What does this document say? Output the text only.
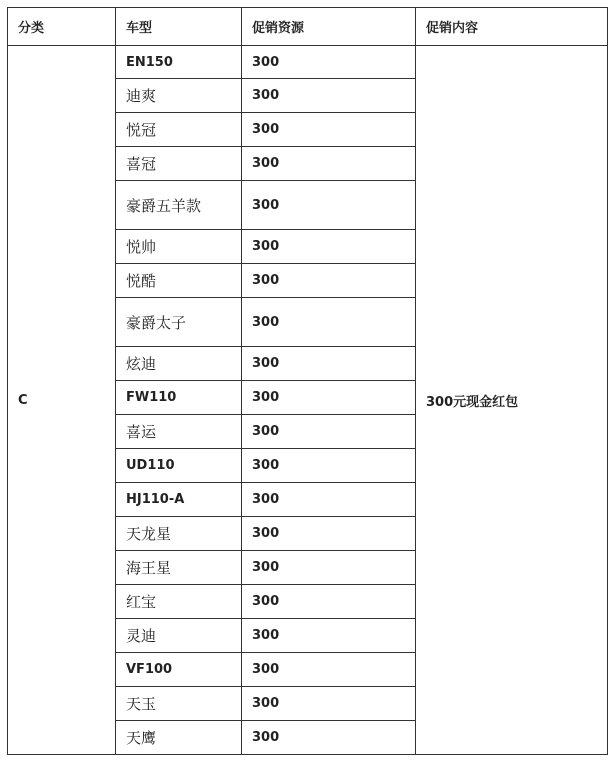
分类	车型	促销资源	促销内容
C	EN150	300	300元现金红包
	迪爽	300	
	悦冠	300	
	喜冠	300	
	豪爵五羊款	300	
	悦帅	300	
	悦酷	300	
	豪爵太子	300	
	炫迪	300	
	FW110	300	
	喜运	300	
	UD110	300	
	HJ110-A	300	
	天龙星	300	
	海王星	300	
	红宝	300	
	灵迪	300	
	VF100	300	
	天玉	300	
	天鹰	300	
